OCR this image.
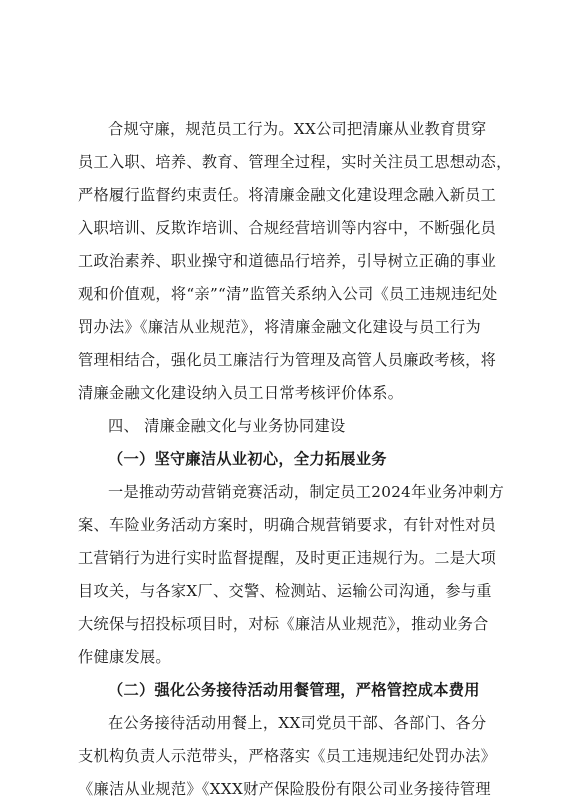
合规守廉，规范员工行为。XX公司把清廉从业教育贯穿
员工入职、培养、教育、管理全过程，实时关注员工思想动态，
严格履行监督约束责任。将清廉金融文化建设理念融入新员工
入职培训、反欺诈培训、合规经营培训等内容中，不断强化员
工政治素养、职业操守和道德品行培养，引导树立正确的事业
观和价值观，将“亲”“清”监管关系纳入公司《员工违规违纪处
罚办法》《廉洁从业规范》，将清廉金融文化建设与员工行为
管理相结合，强化员工廉洁行为管理及高管人员廉政考核，将
清廉金融文化建设纳入员工日常考核评价体系。
四、 清廉金融文化与业务协同建设
（一）坚守廉洁从业初心，全力拓展业务
一是推动劳动营销竞赛活动，制定员工2024年业务冲刺方
案、车险业务活动方案时，明确合规营销要求，有针对性对员
工营销行为进行实时监督提醒，及时更正违规行为。二是大项
目攻关，与各家X厂、交警、检测站、运输公司沟通，参与重
大统保与招投标项目时，对标《廉洁从业规范》，推动业务合
作健康发展。
（二）强化公务接待活动用餐管理，严格管控成本费用
在公务接待活动用餐上，XX司党员干部、各部门、各分
支机构负责人示范带头，严格落实《员工违规违纪处罚办法》
《廉洁从业规范》《XXX财产保险股份有限公司业务接待管理
